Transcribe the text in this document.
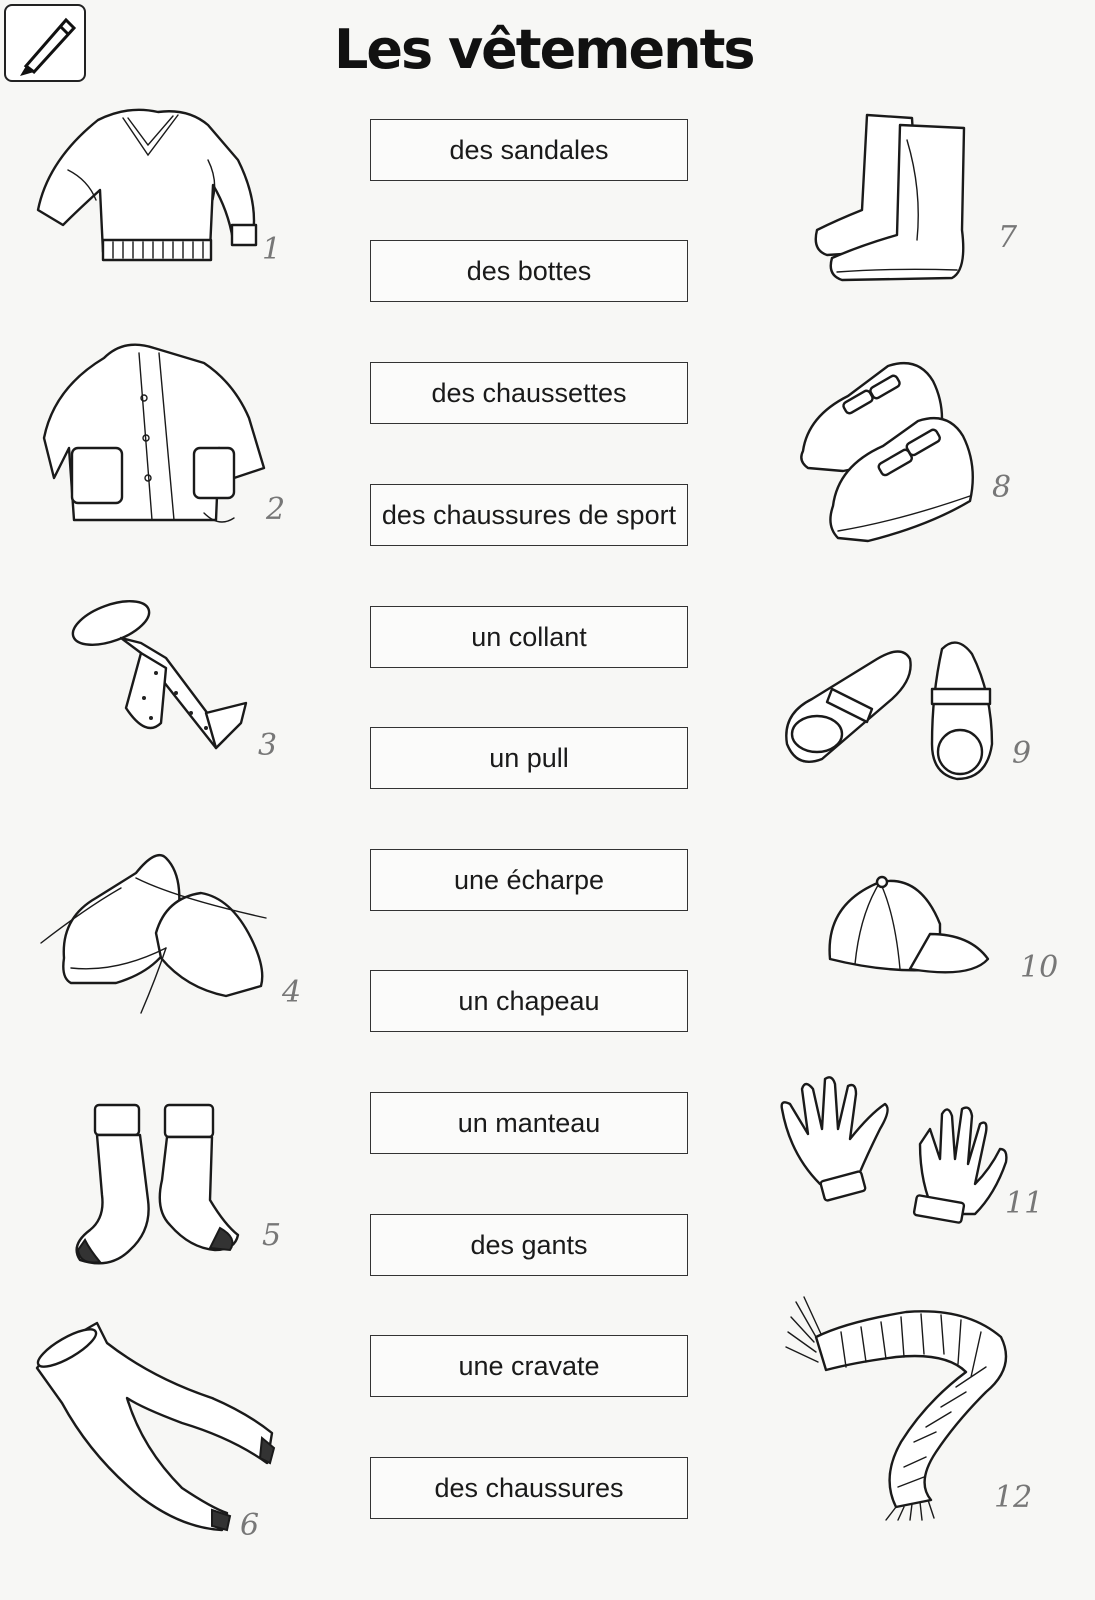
Les vêtements
des sandales
des bottes
des chaussettes
des chaussures de sport
un collant
un pull
une écharpe
un chapeau
un manteau
des gants
une cravate
des chaussures
1
2
3
4
5
6
7
8
9
10
11
12
